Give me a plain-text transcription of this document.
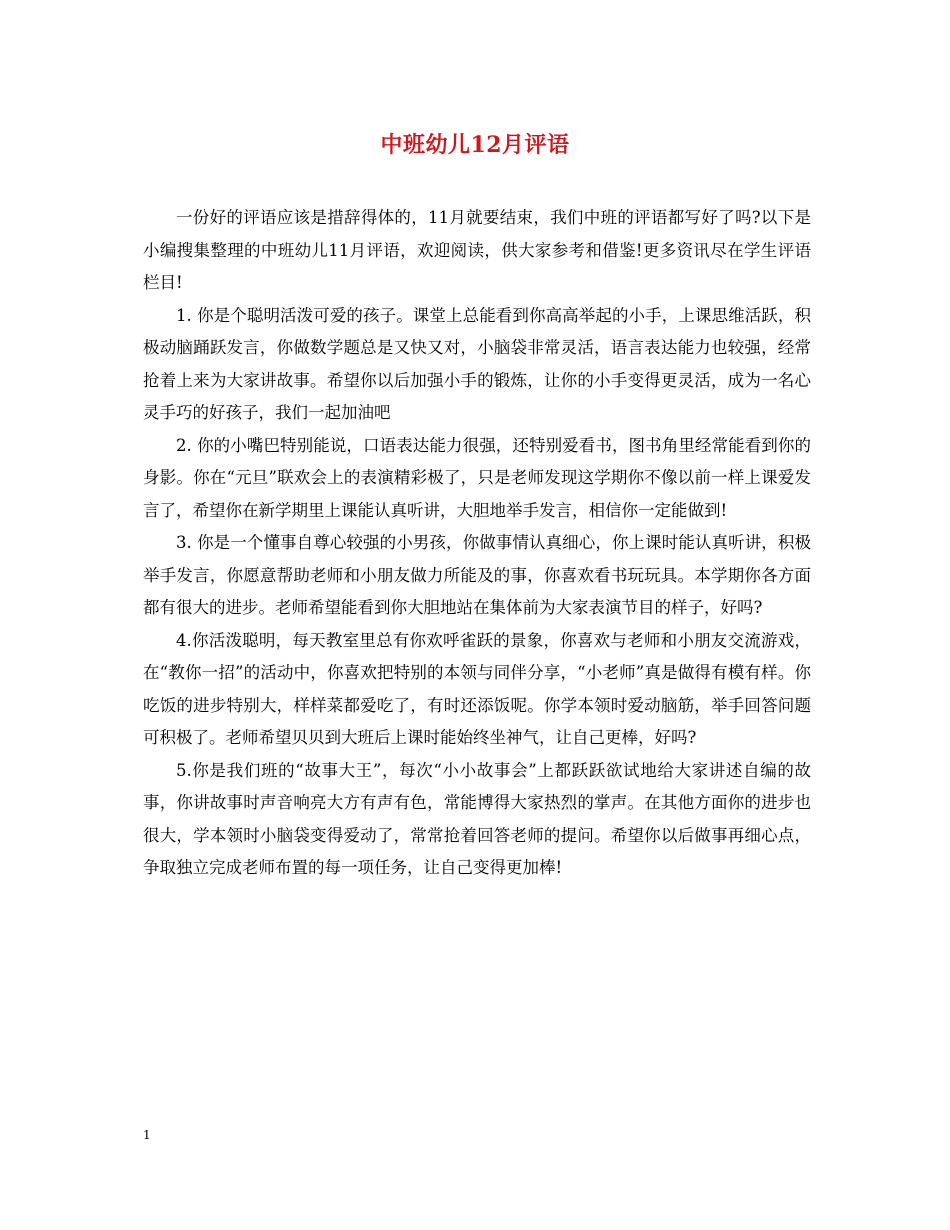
中班幼儿12月评语

一份好的评语应该是措辞得体的，11月就要结束，我们中班的评语都写好了吗?以下是小编搜集整理的中班幼儿11月评语，欢迎阅读，供大家参考和借鉴!更多资讯尽在学生评语栏目!

1. 你是个聪明活泼可爱的孩子。课堂上总能看到你高高举起的小手，上课思维活跃，积极动脑踊跃发言，你做数学题总是又快又对，小脑袋非常灵活，语言表达能力也较强，经常抢着上来为大家讲故事。希望你以后加强小手的锻炼，让你的小手变得更灵活，成为一名心灵手巧的好孩子，我们一起加油吧

2. 你的小嘴巴特别能说，口语表达能力很强，还特别爱看书，图书角里经常能看到你的身影。你在“元旦”联欢会上的表演精彩极了，只是老师发现这学期你不像以前一样上课爱发言了，希望你在新学期里上课能认真听讲，大胆地举手发言，相信你一定能做到!

3. 你是一个懂事自尊心较强的小男孩，你做事情认真细心，你上课时能认真听讲，积极举手发言，你愿意帮助老师和小朋友做力所能及的事，你喜欢看书玩玩具。本学期你各方面都有很大的进步。老师希望能看到你大胆地站在集体前为大家表演节目的样子，好吗?

4.你活泼聪明，每天教室里总有你欢呼雀跃的景象，你喜欢与老师和小朋友交流游戏，在“教你一招”的活动中，你喜欢把特别的本领与同伴分享，“小老师”真是做得有模有样。你吃饭的进步特别大，样样菜都爱吃了，有时还添饭呢。你学本领时爱动脑筋，举手回答问题可积极了。老师希望贝贝到大班后上课时能始终坐神气，让自己更棒，好吗?

5.你是我们班的“故事大王”，每次“小小故事会”上都跃跃欲试地给大家讲述自编的故事，你讲故事时声音响亮大方有声有色，常能博得大家热烈的掌声。在其他方面你的进步也很大，学本领时小脑袋变得爱动了，常常抢着回答老师的提问。希望你以后做事再细心点，争取独立完成老师布置的每一项任务，让自己变得更加棒!

1
